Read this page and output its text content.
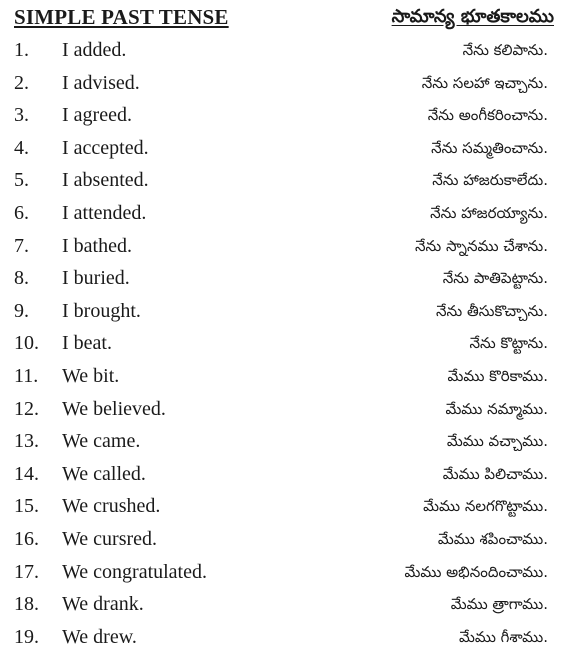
SIMPLE PAST TENSE	సామాన్య భూతకాలము
1. I added.	నేను కలిపాను.
2. I advised.	నేను సలహా ఇచ్చాను.
3. I agreed.	నేను అంగీకరించాను.
4. I accepted.	నేను సమ్మతించాను.
5. I absented.	నేను హాజరుకాలేదు.
6. I attended.	నేను హాజరయ్యాను.
7. I bathed.	నేను స్నానము చేశాను.
8. I buried.	నేను పాతిపెట్టాను.
9. I brought.	నేను తీసుకొచ్చాను.
10. I beat.	నేను కొట్టాను.
11. We bit.	మేము కొరికాము.
12. We believed.	మేము నమ్మాము.
13. We came.	మేము వచ్చాము.
14. We called.	మేము పిలిచాము.
15. We crushed.	మేము నలగగొట్టాము.
16. We cursred.	మేము శపించాము.
17. We congratulated.	మేము అభినందించాము.
18. We drank.	మేము త్రాగాము.
19. We drew.	మేము గీశాము.
